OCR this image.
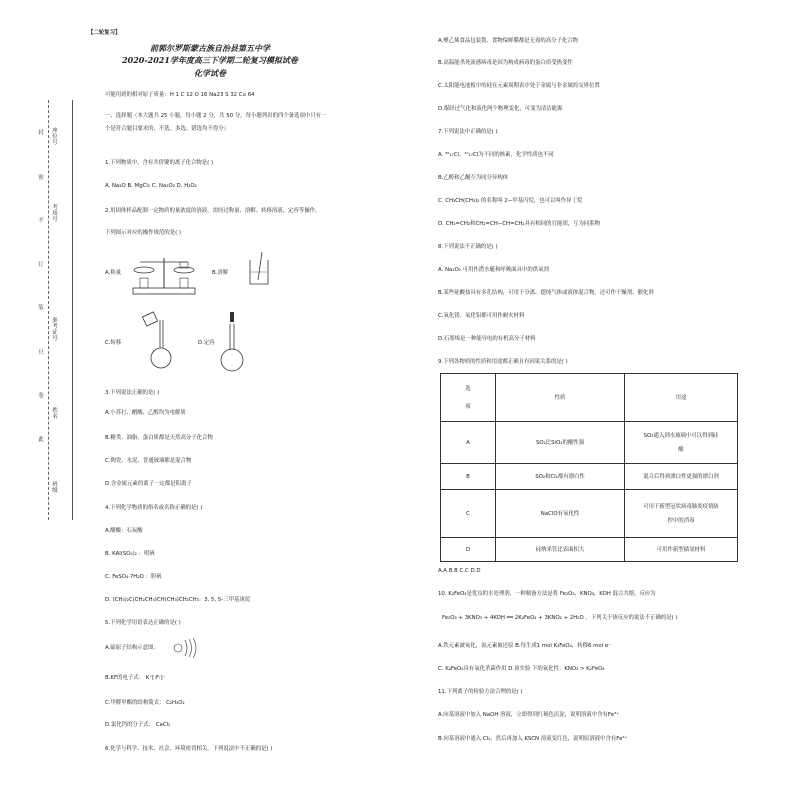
【二轮复习】
前郭尔罗斯蒙古族自治县第五中学
2020-2021学年度高三下学期二轮复习模拟试卷
化学试卷
封
密
不
订
装
只
卷
此
座位号
考场号
准考证号
姓名
班级
可能用到的相对原子质量：H 1 C 12 O 16 Na23 S 32 Cu 64
一、选择题（本大题共 25 小题，每小题 2 分，共 50 分。每小题列出的四个备选项中只有一
个是符合题目要求的，不选、多选、错选均不得分）
1.下列物质中，含有共价键的离子化合物是( )
A. Na₂O B. MgCl₂ C. Na₂O₂ D. H₂O₂
2.用固体样品配制一定物质的量浓度的溶液，需经过称量、溶解、转移溶液、定容等操作。
下列图示对应的操作规范的是( )
A.称量	B.溶解
C.转移	D.定容
3.下列说法正确的是( )
A.小苏打、醋酸、乙醇均为电解质
B.糖类、油脂、蛋白质都是天然高分子化合物
C.陶瓷、水泥、普通玻璃都是混合物
D.含金属元素的离子一定都是阳离子
4.下列化学物质的俗名或名称正确的是( )
A.醋酸：石炭酸
B. KAl(SO₄)₂ ：明矾
C. FeSO₄·7H₂O ：胆矾
D. (CH₃)₂C(CH₂CH₃)CH(CH₃)CH₂CH₃：3, 5, 5-三甲基庚烷
5.下列化学用语表达正确的是( )
A.硫原子结构示意图：
B.KF的电子式： K⁺[:F:]⁻
C.甲醛甲酯的结构简式： C₂H₄O₂
D.氯化钙的分子式： CaCl₂
6.化学与科学、技术、社会、环境密切相关，下列说法中不正确的是( )
A.聚乙烯食品包装袋、食物保鲜膜都是无毒的高分子化合物
B.高温能杀死流感病毒是因为构成病毒的蛋白质受热变性
C.太阳能电池板中的硅在元素周期表中处于金属与非金属的交界位置
D.煤经过气化和液化两个物理变化，可变为清洁能源
7.下列说法中正确的是( )
A. ³⁵₁₇Cl、³⁷₁₇Cl为不同的核素，化学性质也不同
B.乙醇和乙醚互为同分异构体
C. CH₃CH(CH₃)₂ 的名称叫 2−甲基丙烷，也可以叫作异丁烷
D. CH₂=CH₂和CH₂=CH−CH=CH₂具有相同的官能团，互为同系物
8.下列说法不正确的是( )
A. Na₂O₂ 可用作潜水艇和呼吸面具中的供氧剂
B.某些硅酸盐具有多孔结构，可用于分离、提纯气体或液体混合物，还可作干燥剂、催化剂
C.氧化镁、氧化铝都可用作耐火材料
D.石墨烯是一种能导电的有机高分子材料
9.下列各物质的性质和用途都正确且有因果关系的是( )
选
项	性质	用途
A	SO₂比SiO₂的酸性强	SO₂通入到水玻璃中可以得到硅
酸

B	SO₂和Cl₂都有漂白性	混合后得到漂白性更强的漂白剂
C	NaClO有氧化性	可用于新型冠状病毒肺炎疫情防
控中的消毒

D	硅纳米管比表面积大	可用作新型储氢材料
A.A B.B C.C D.D
10. K₂FeO₄是优良的水处理剂，一种制备方法是将 Fe₂O₃，KNO₃，KOH 混合共熔，反应为
Fe₂O₃ + 3KNO₃ + 4KOH ══ 2K₂FeO₄ + 3KNO₂ + 2H₂O 。下列关于该反应的说法不正确的是( )
A.铁元素被氧化，氮元素被还原 B.每生成1 mol K₂FeO₄，转移6 mol e⁻
C. K₂FeO₄具有氧化杀菌作用 D.该实验 下的氧化性：KNO₃ > K₂FeO₄
11.下列离子的检验方法合理的是( )
A.向某溶液中加入 NaOH 溶液，立即得到红褐色沉淀，说明溶液中含有Fe³⁺
B.向某溶液中通入 Cl₂，然后再加入 KSCN 溶液变红色，说明原溶液中含有Fe²⁺
